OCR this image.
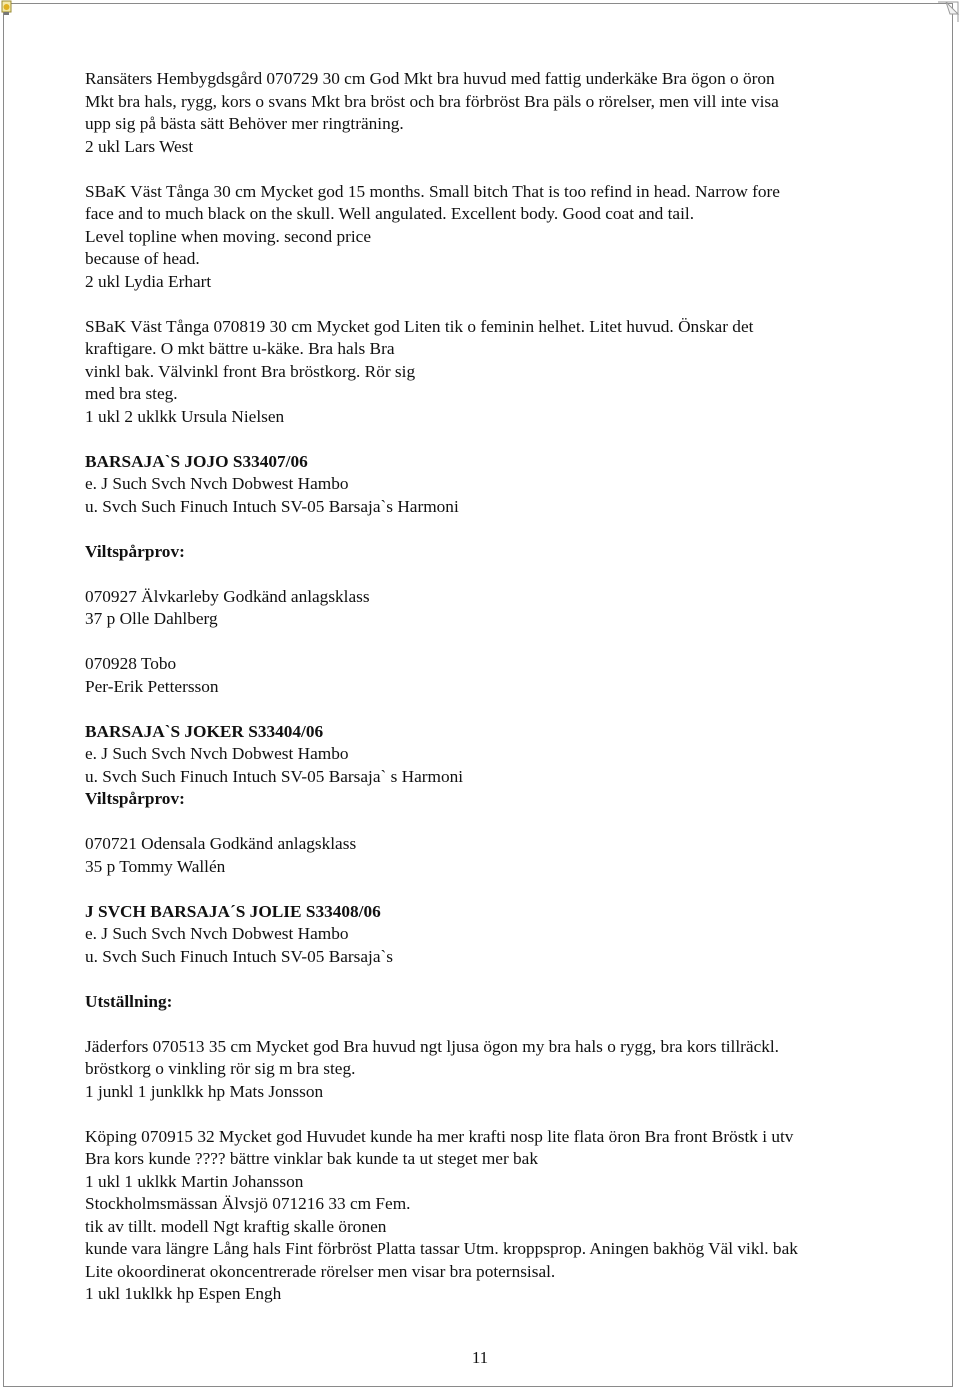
Ransäters Hembygdsgård 070729 30 cm God Mkt bra huvud med fattig underkäke Bra ögon o öron

Mkt bra hals, rygg, kors o svans Mkt bra bröst och bra förbröst Bra päls o rörelser, men vill inte visa

upp sig på bästa sätt Behöver mer ringträning.

2 ukl Lars West

SBaK Väst Tånga 30 cm Mycket god 15 months. Small bitch That is too refind in head. Narrow fore

face and to much black on the skull. Well angulated. Excellent body. Good coat and tail.

Level topline when moving. second price

because of head.

2 ukl Lydia Erhart

SBaK Väst Tånga 070819 30 cm Mycket god Liten tik o feminin helhet. Litet huvud. Önskar det

kraftigare. O mkt bättre u-käke. Bra hals Bra

vinkl bak. Välvinkl front Bra bröstkorg. Rör sig

med bra steg.

1 ukl 2 uklkk Ursula Nielsen

BARSAJA`S JOJO S33407/06

e. J Such Svch Nvch Dobwest Hambo

u. Svch Such Finuch Intuch SV-05 Barsaja`s Harmoni

Viltspårprov:

070927 Älvkarleby Godkänd anlagsklass

37 p Olle Dahlberg

070928 Tobo

Per-Erik Pettersson

BARSAJA`S JOKER S33404/06

e. J Such Svch Nvch Dobwest Hambo

u. Svch Such Finuch Intuch SV-05 Barsaja` s Harmoni

Viltspårprov:

070721 Odensala Godkänd anlagsklass

35 p Tommy Wallén

J SVCH BARSAJA´S JOLIE S33408/06

e. J Such Svch Nvch Dobwest Hambo

u. Svch Such Finuch Intuch SV-05 Barsaja`s

Utställning:

Jäderfors 070513 35 cm Mycket god Bra huvud ngt ljusa ögon my bra hals o rygg, bra kors tillräckl.

bröstkorg o vinkling rör sig m bra steg.

1 junkl 1 junklkk hp Mats Jonsson

Köping 070915 32 Mycket god Huvudet kunde ha mer krafti nosp lite flata öron Bra front Bröstk i utv

Bra kors kunde ???? bättre vinklar bak kunde ta ut steget mer bak

1 ukl 1 uklkk Martin Johansson

Stockholmsmässan Älvsjö 071216 33 cm Fem.

tik av tillt. modell Ngt kraftig skalle öronen

kunde vara längre Lång hals Fint förbröst Platta tassar Utm. kroppsprop. Aningen bakhög Väl vikl. bak

Lite okoordinerat okoncentrerade rörelser men visar bra poternsisal.

1 ukl 1uklkk hp Espen Engh

11
